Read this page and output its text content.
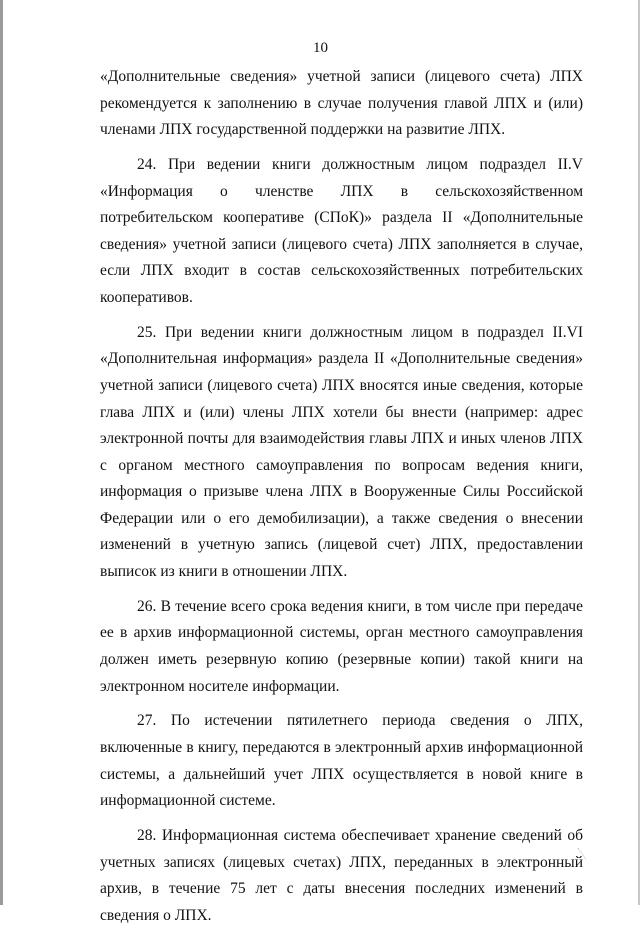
10

«Дополнительные сведения» учетной записи (лицевого счета) ЛПХ рекомендуется к заполнению в случае получения главой ЛПХ и (или) членами ЛПХ государственной поддержки на развитие ЛПХ.

24. При ведении книги должностным лицом подраздел II.V «Информация о членстве ЛПХ в сельскохозяйственном потребительском кооперативе (СПоК)» раздела II «Дополнительные сведения» учетной записи (лицевого счета) ЛПХ заполняется в случае, если ЛПХ входит в состав сельскохозяйственных потребительских кооперативов.

25. При ведении книги должностным лицом в подраздел II.VI «Дополнительная информация» раздела II «Дополнительные сведения» учетной записи (лицевого счета) ЛПХ вносятся иные сведения, которые глава ЛПХ и (или) члены ЛПХ хотели бы внести (например: адрес электронной почты для взаимодействия главы ЛПХ и иных членов ЛПХ с органом местного самоуправления по вопросам ведения книги, информация о призыве члена ЛПХ в Вооруженные Силы Российской Федерации или о его демобилизации), а также сведения о внесении изменений в учетную запись (лицевой счет) ЛПХ, предоставлении выписок из книги в отношении ЛПХ.

26. В течение всего срока ведения книги, в том числе при передаче ее в архив информационной системы, орган местного самоуправления должен иметь резервную копию (резервные копии) такой книги на электронном носителе информации.

27. По истечении пятилетнего периода сведения о ЛПХ, включенные в книгу, передаются в электронный архив информационной системы, а дальнейший учет ЛПХ осуществляется в новой книге в информационной системе.

28. Информационная система обеспечивает хранение сведений об учетных записях (лицевых счетах) ЛПХ, переданных в электронный архив, в течение 75 лет с даты внесения последних изменений в сведения о ЛПХ.
